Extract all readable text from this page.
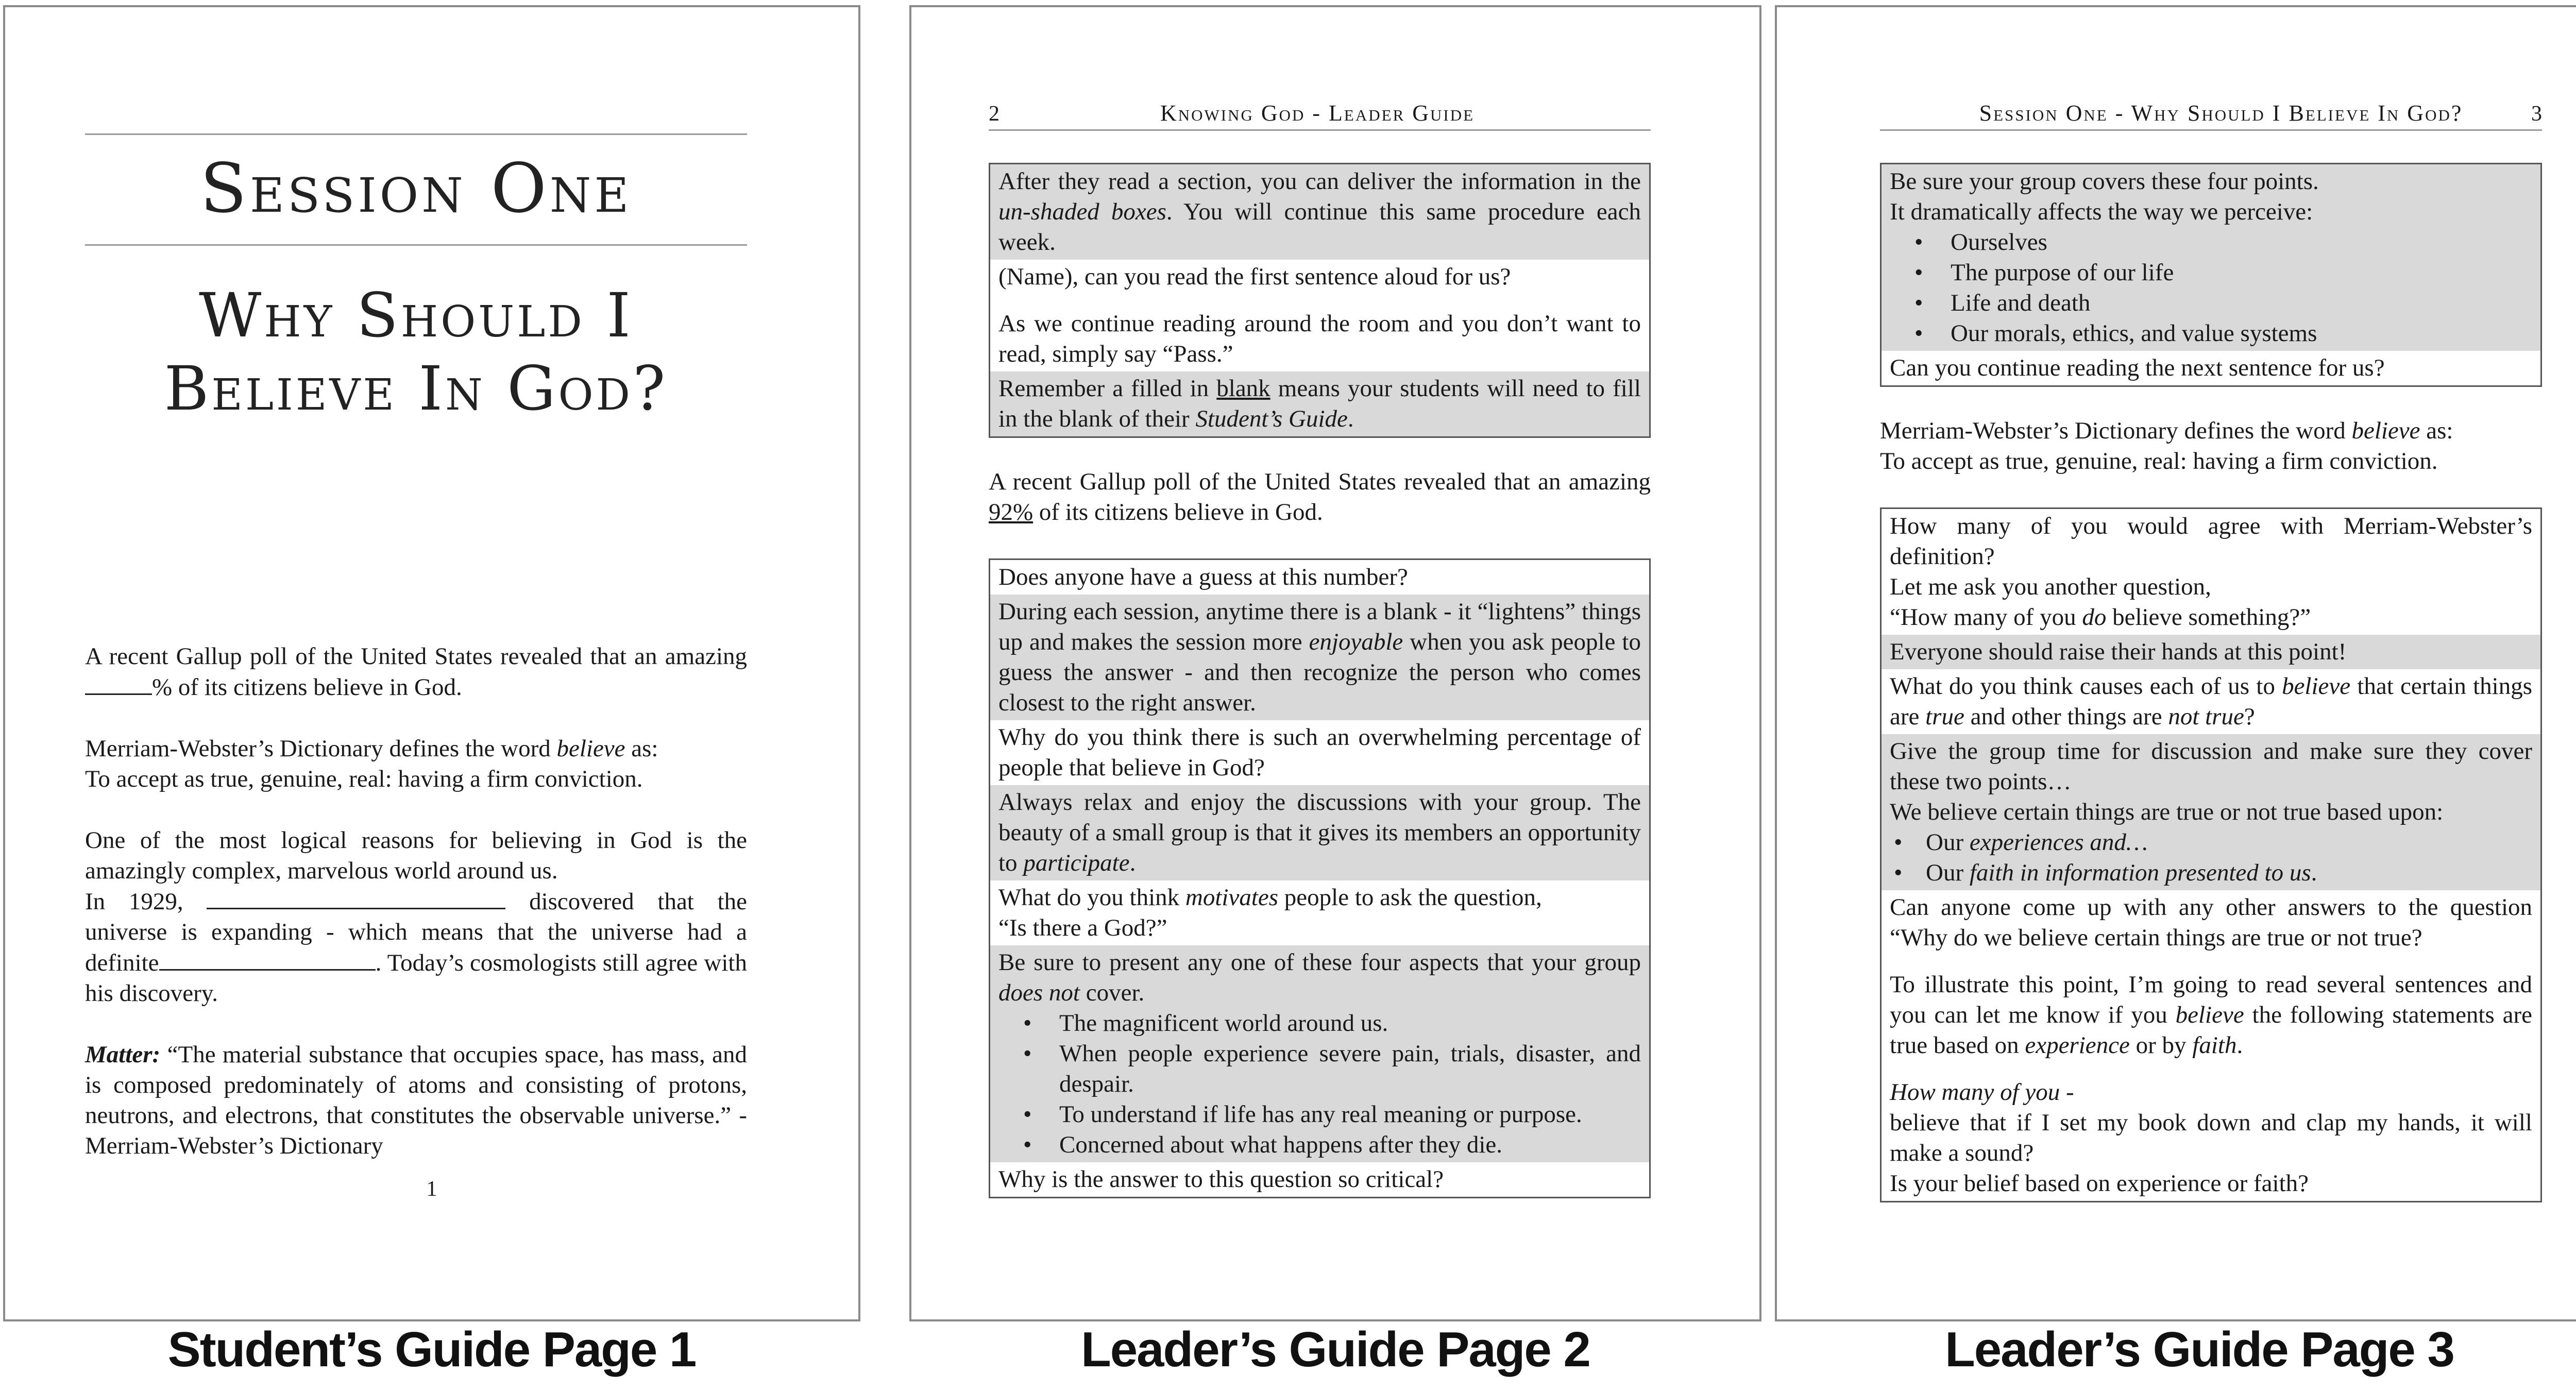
Session One
Why Should I
Believe In God?

A recent Gallup poll of the United States revealed that an amazing % of its citizens believe in God.

Merriam-Webster’s Dictionary defines the word believe as:
To accept as true, genuine, real: having a firm conviction.

One of the most logical reasons for believing in God is the amazingly complex, marvelous world around us.
In 1929,	discovered that the universe is expanding - which means that the universe had a definite	. Today’s cosmologists still agree with his discovery.

Matter: “The material substance that occupies space, has mass, and is composed predominately of atoms and consisting of protons, neutrons, and electrons, that constitutes the observable universe.” - Merriam-Webster’s Dictionary

1
2	Knowing God - Leader Guide
After they read a section, you can deliver the information in the un-shaded boxes. You will continue this same procedure each week.
(Name), can you read the first sentence aloud for us?
As we continue reading around the room and you don’t want to read, simply say “Pass.”
Remember a filled in blank means your students will need to fill in the blank of their Student’s Guide.

A recent Gallup poll of the United States revealed that an amazing 92% of its citizens believe in God.

Does anyone have a guess at this number?
During each session, anytime there is a blank - it “lightens” things up and makes the session more enjoyable when you ask people to guess the answer - and then recognize the person who comes closest to the right answer.
Why do you think there is such an overwhelming percentage of people that believe in God?
Always relax and enjoy the discussions with your group. The beauty of a small group is that it gives its members an opportunity to participate.
What do you think motivates people to ask the question,
“Is there a God?”
Be sure to present any one of these four aspects that your group does not cover.
• The magnificent world around us.
• When people experience severe pain, trials, disaster, and despair.
• To understand if life has any real meaning or purpose.
• Concerned about what happens after they die.
Why is the answer to this question so critical?
Session One - Why Should I Believe In God?	3
Be sure your group covers these four points.
It dramatically affects the way we perceive:
• Ourselves
• The purpose of our life
• Life and death
• Our morals, ethics, and value systems
Can you continue reading the next sentence for us?

Merriam-Webster’s Dictionary defines the word believe as:
To accept as true, genuine, real: having a firm conviction.

How many of you would agree with Merriam-Webster’s definition?
Let me ask you another question,
“How many of you do believe something?”
Everyone should raise their hands at this point!
What do you think causes each of us to believe that certain things are true and other things are not true?
Give the group time for discussion and make sure they cover these two points…
We believe certain things are true or not true based upon:
• Our experiences and…
• Our faith in information presented to us.
Can anyone come up with any other answers to the question “Why do we believe certain things are true or not true?
To illustrate this point, I’m going to read several sentences and you can let me know if you believe the following statements are true based on experience or by faith.
How many of you -
believe that if I set my book down and clap my hands, it will make a sound?
Is your belief based on experience or faith?
Student’s Guide Page 1	Leader’s Guide Page 2	Leader’s Guide Page 3
